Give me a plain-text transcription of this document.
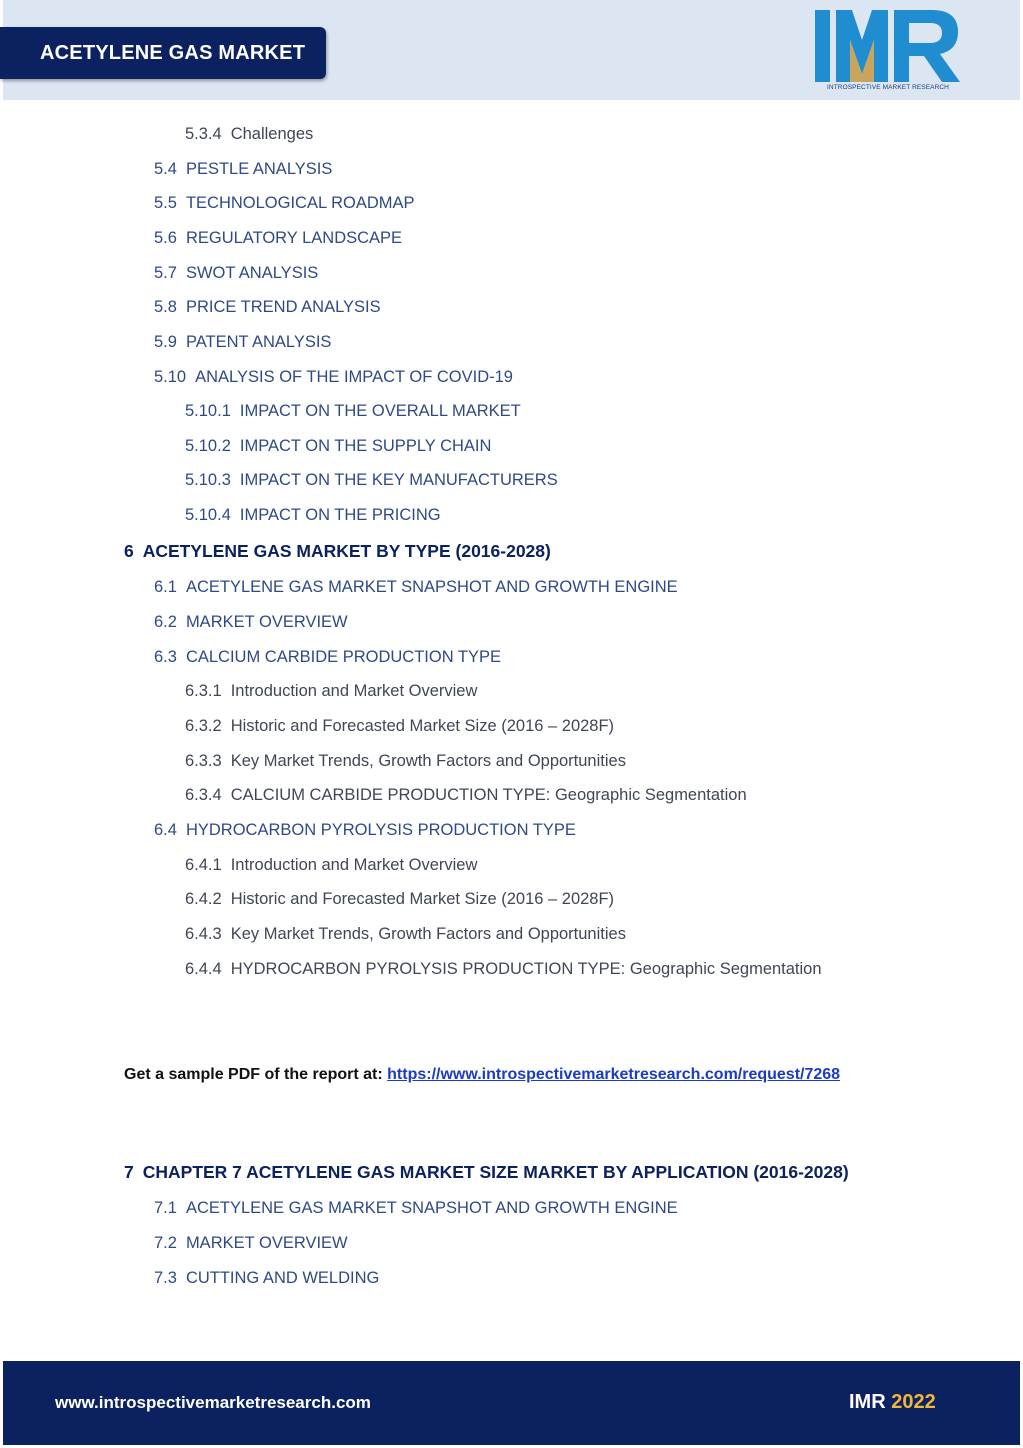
ACETYLENE GAS MARKET
INTROSPECTIVE MARKET RESEARCH
5.3.4 Challenges
5.4 PESTLE ANALYSIS
5.5 TECHNOLOGICAL ROADMAP
5.6 REGULATORY LANDSCAPE
5.7 SWOT ANALYSIS
5.8 PRICE TREND ANALYSIS
5.9 PATENT ANALYSIS
5.10 ANALYSIS OF THE IMPACT OF COVID-19
5.10.1 IMPACT ON THE OVERALL MARKET
5.10.2 IMPACT ON THE SUPPLY CHAIN
5.10.3 IMPACT ON THE KEY MANUFACTURERS
5.10.4 IMPACT ON THE PRICING
6 ACETYLENE GAS MARKET BY TYPE (2016-2028)
6.1 ACETYLENE GAS MARKET SNAPSHOT AND GROWTH ENGINE
6.2 MARKET OVERVIEW
6.3 CALCIUM CARBIDE PRODUCTION TYPE
6.3.1 Introduction and Market Overview
6.3.2 Historic and Forecasted Market Size (2016 – 2028F)
6.3.3 Key Market Trends, Growth Factors and Opportunities
6.3.4 CALCIUM CARBIDE PRODUCTION TYPE: Geographic Segmentation
6.4 HYDROCARBON PYROLYSIS PRODUCTION TYPE
6.4.1 Introduction and Market Overview
6.4.2 Historic and Forecasted Market Size (2016 – 2028F)
6.4.3 Key Market Trends, Growth Factors and Opportunities
6.4.4 HYDROCARBON PYROLYSIS PRODUCTION TYPE: Geographic Segmentation
7 CHAPTER 7 ACETYLENE GAS MARKET SIZE MARKET BY APPLICATION (2016-2028)
7.1 ACETYLENE GAS MARKET SNAPSHOT AND GROWTH ENGINE
7.2 MARKET OVERVIEW
7.3 CUTTING AND WELDING
Get a sample PDF of the report at: https://www.introspectivemarketresearch.com/request/7268
www.introspectivemarketresearch.com	IMR 2022
